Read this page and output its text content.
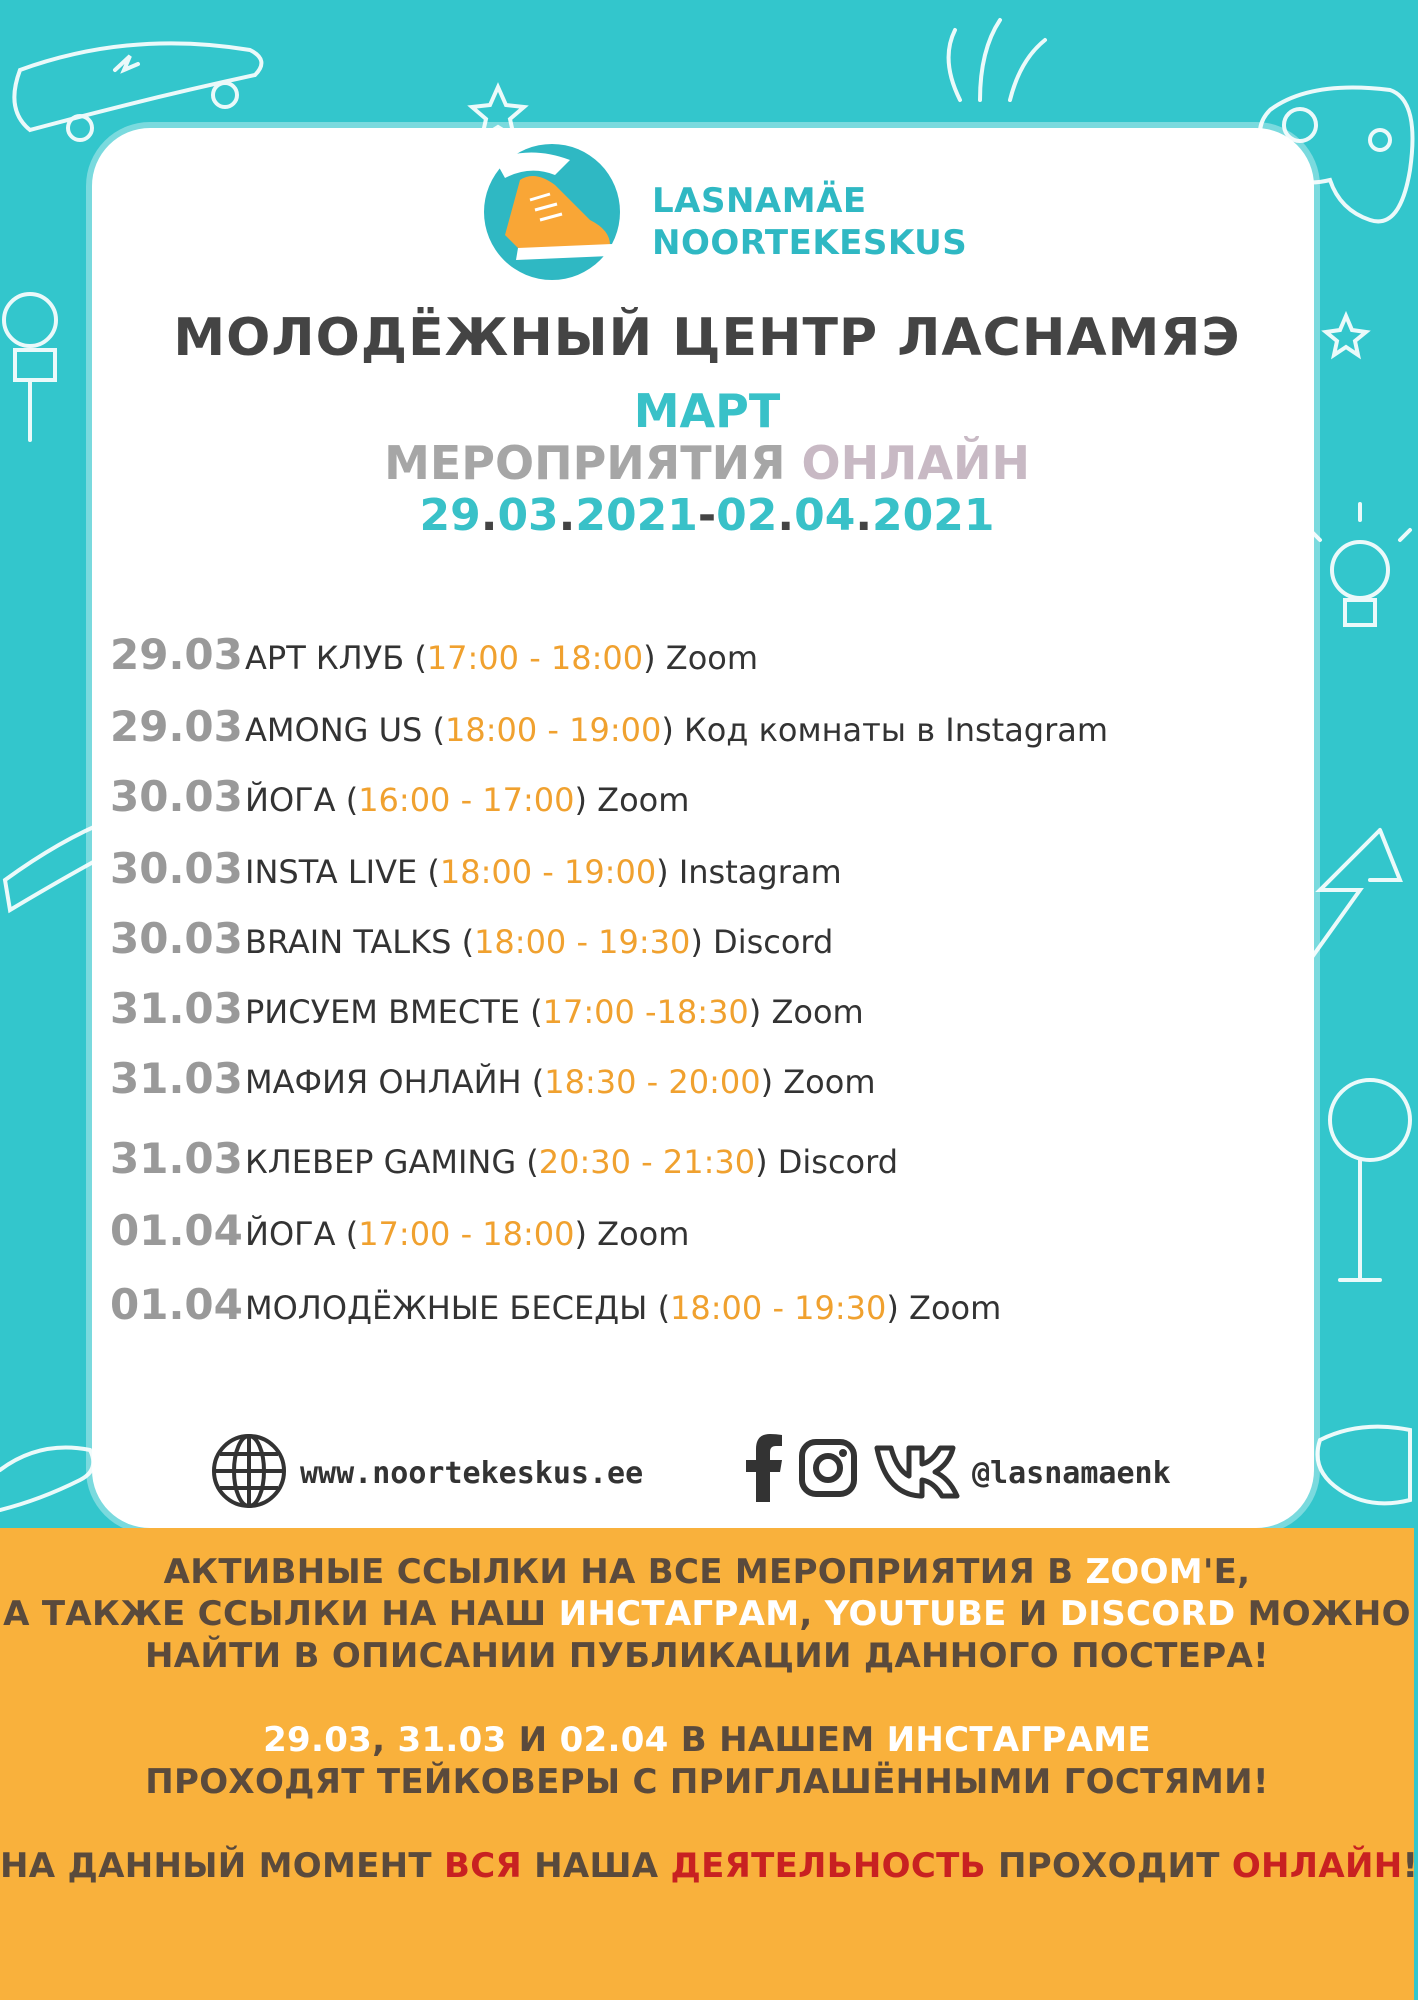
LASNAMÄE
NOORTEKESKUS
МОЛОДЁЖНЫЙ ЦЕНТР ЛАСНАМЯЭ
МАРТ
МЕРОПРИЯТИЯ ОНЛАЙН
29.03.2021-02.04.2021
29.03АРТ КЛУБ (17:00 - 18:00) Zoom
29.03AMONG US (18:00 - 19:00) Код комнаты в Instagram
30.03ЙОГА (16:00 - 17:00) Zoom
30.03INSTA LIVE (18:00 - 19:00) Instagram
30.03BRAIN TALKS (18:00 - 19:30) Discord
31.03РИСУЕМ ВМЕСТЕ (17:00 -18:30) Zoom
31.03МАФИЯ ОНЛАЙН (18:30 - 20:00) Zoom
31.03КЛЕВЕР GAMING (20:30 - 21:30) Discord
01.04ЙОГА (17:00 - 18:00) Zoom
01.04МОЛОДЁЖНЫЕ БЕСЕДЫ (18:00 - 19:30) Zoom
www.noortekeskus.ee	@lasnamaenk
АКТИВНЫЕ ССЫЛКИ НА ВСЕ МЕРОПРИЯТИЯ В ZOOM'Е,
А ТАКЖЕ ССЫЛКИ НА НАШ ИНСТАГРАМ, YOUTUBE И DISCORD МОЖНО
НАЙТИ В ОПИСАНИИ ПУБЛИКАЦИИ ДАННОГО ПОСТЕРА!
29.03, 31.03 И 02.04 В НАШЕМ ИНСТАГРАМЕ
ПРОХОДЯТ ТЕЙКОВЕРЫ С ПРИГЛАШЁННЫМИ ГОСТЯМИ!
НА ДАННЫЙ МОМЕНТ ВСЯ НАША ДЕЯТЕЛЬНОСТЬ ПРОХОДИТ ОНЛАЙН!
